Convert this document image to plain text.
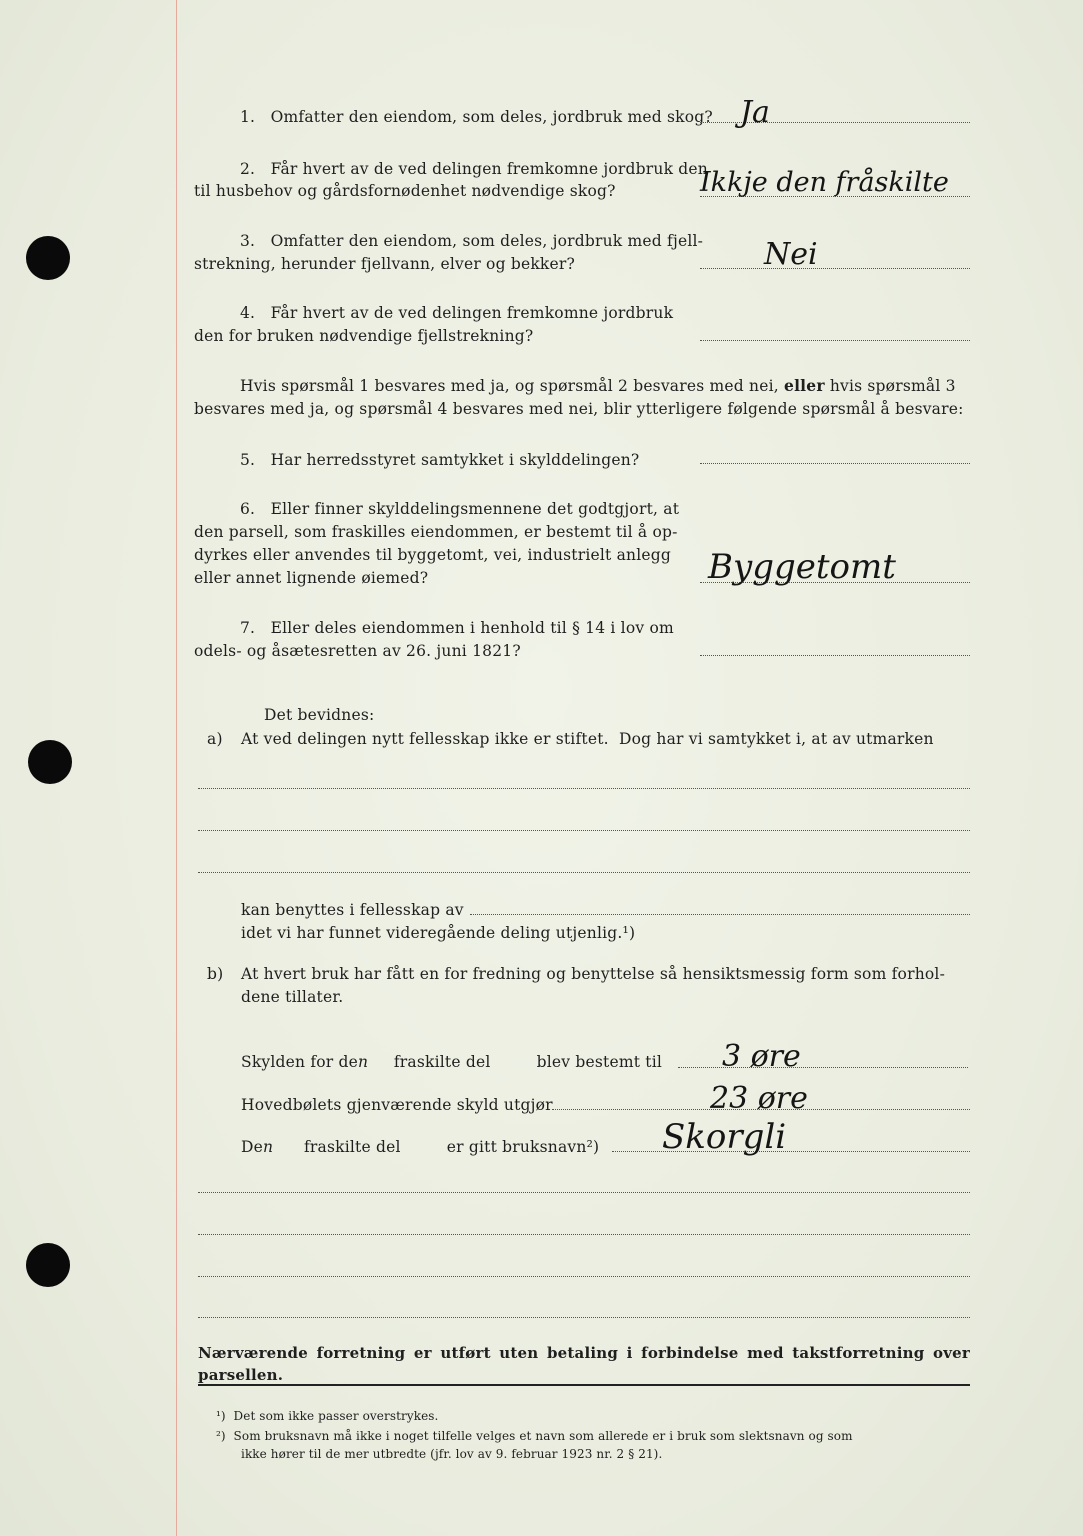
1. Omfatter den eiendom, som deles, jordbruk med skog? Ja
2. Får hvert av de ved delingen fremkomne jordbruk den
til husbehov og gårdsfornødenhet nødvendige skog?	Ikkje den fråskilte
3. Omfatter den eiendom, som deles, jordbruk med fjell-
strekning, herunder fjellvann, elver og bekker?	Nei
4. Får hvert av de ved delingen fremkomne jordbruk
den for bruken nødvendige fjellstrekning?
Hvis spørsmål 1 besvares med ja, og spørsmål 2 besvares med nei, eller hvis spørsmål 3
besvares med ja, og spørsmål 4 besvares med nei, blir ytterligere følgende spørsmål å besvare:
5. Har herredsstyret samtykket i skylddelingen?
6. Eller finner skylddelingsmennene det godtgjort, at
den parsell, som fraskilles eiendommen, er bestemt til å op-
dyrkes eller anvendes til byggetomt, vei, industrielt anlegg
eller annet lignende øiemed?	Byggetomt
7. Eller deles eiendommen i henhold til § 14 i lov om
odels- og åsætesretten av 26. juni 1821?
Det bevidnes:
a) At ved delingen nytt fellesskap ikke er stiftet. Dog har vi samtykket i, at av utmarken
kan benyttes i fellesskap av
idet vi har funnet videregående deling utjenlig.¹)
b) At hvert bruk har fått en for fredning og benyttelse så hensiktsmessig form som forhol-
dene tillater.
Skylden for den fraskilte del	blev bestemt til 3 øre
Hovedbølets gjenværende skyld utgjør	23 øre
Den fraskilte del	er gitt bruksnavn²) Skorgli
Nærværende forretning er utført uten betaling i forbindelse med takstforretning over parsellen.
¹) Det som ikke passer overstrykes.
²) Som bruksnavn må ikke i noget tilfelle velges et navn som allerede er i bruk som slektsnavn og som
ikke hører til de mer utbredte (jfr. lov av 9. februar 1923 nr. 2 § 21).
